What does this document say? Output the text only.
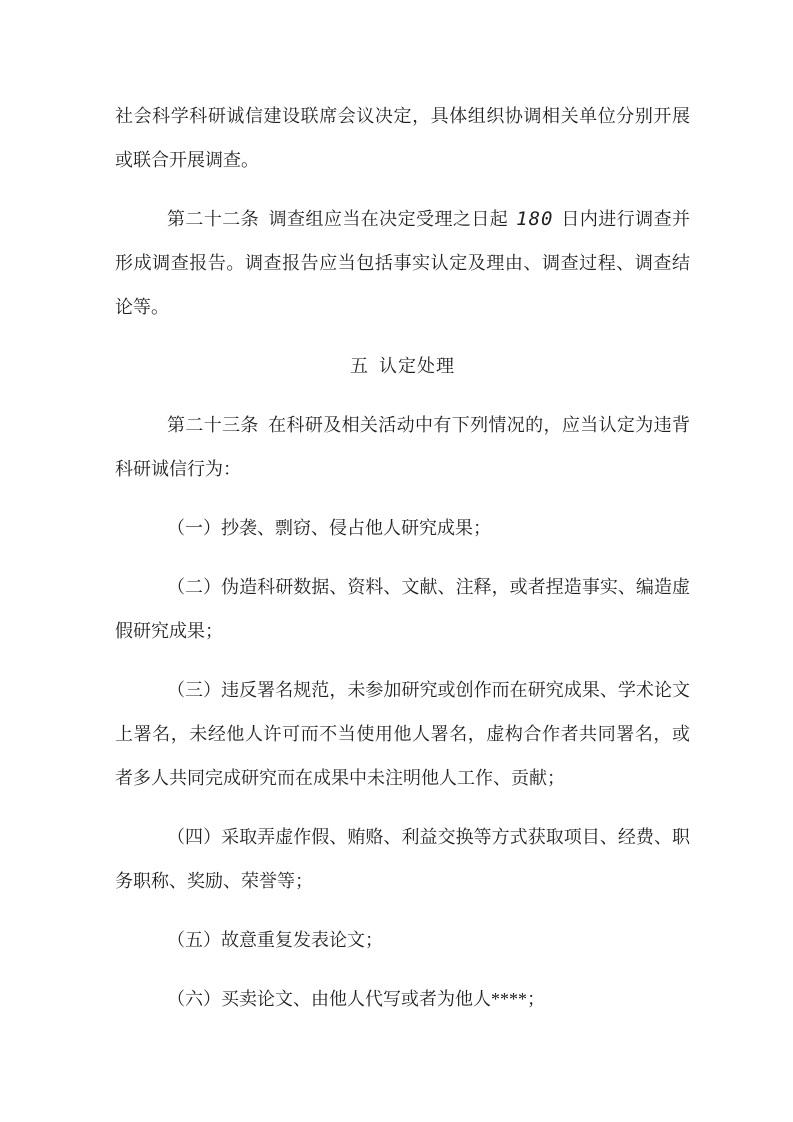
社会科学科研诚信建设联席会议决定，具体组织协调相关单位分别开展或联合开展调查。

第二十二条 调查组应当在决定受理之日起 180 日内进行调查并形成调查报告。调查报告应当包括事实认定及理由、调查过程、调查结论等。

五 认定处理

第二十三条 在科研及相关活动中有下列情况的，应当认定为违背科研诚信行为：

（一）抄袭、剽窃、侵占他人研究成果；

（二）伪造科研数据、资料、文献、注释，或者捏造事实、编造虚假研究成果；

（三）违反署名规范，未参加研究或创作而在研究成果、学术论文上署名，未经他人许可而不当使用他人署名，虚构合作者共同署名，或者多人共同完成研究而在成果中未注明他人工作、贡献；

（四）采取弄虚作假、贿赂、利益交换等方式获取项目、经费、职务职称、奖励、荣誉等；

（五）故意重复发表论文；

（六）买卖论文、由他人代写或者为他人****；
